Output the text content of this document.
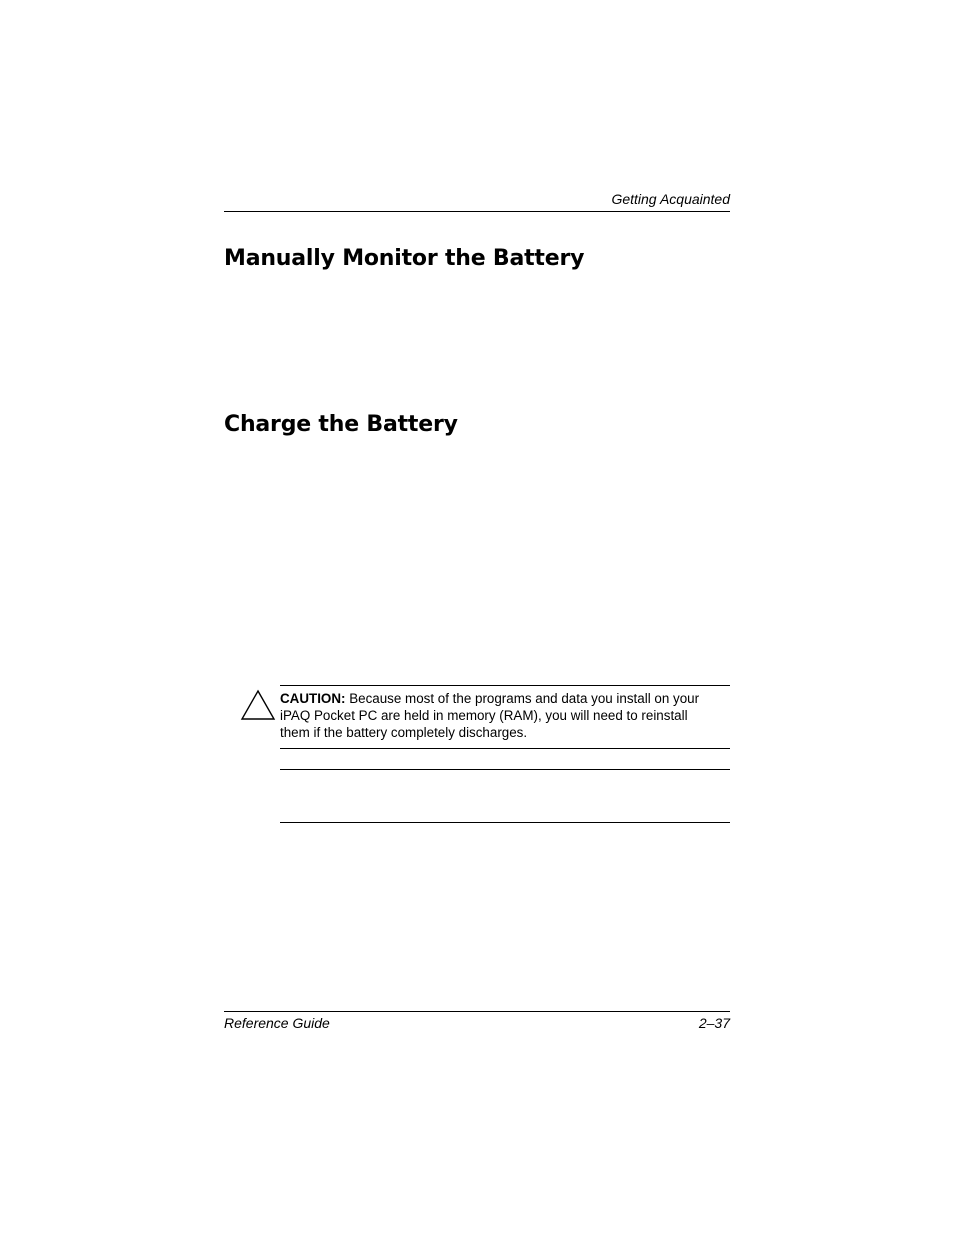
Getting Acquainted
Manually Monitor the Battery
Charge the Battery
CAUTION: Because most of the programs and data you install on your iPAQ Pocket PC are held in memory (RAM), you will need to reinstall them if the battery completely discharges.
Reference Guide	2–37
